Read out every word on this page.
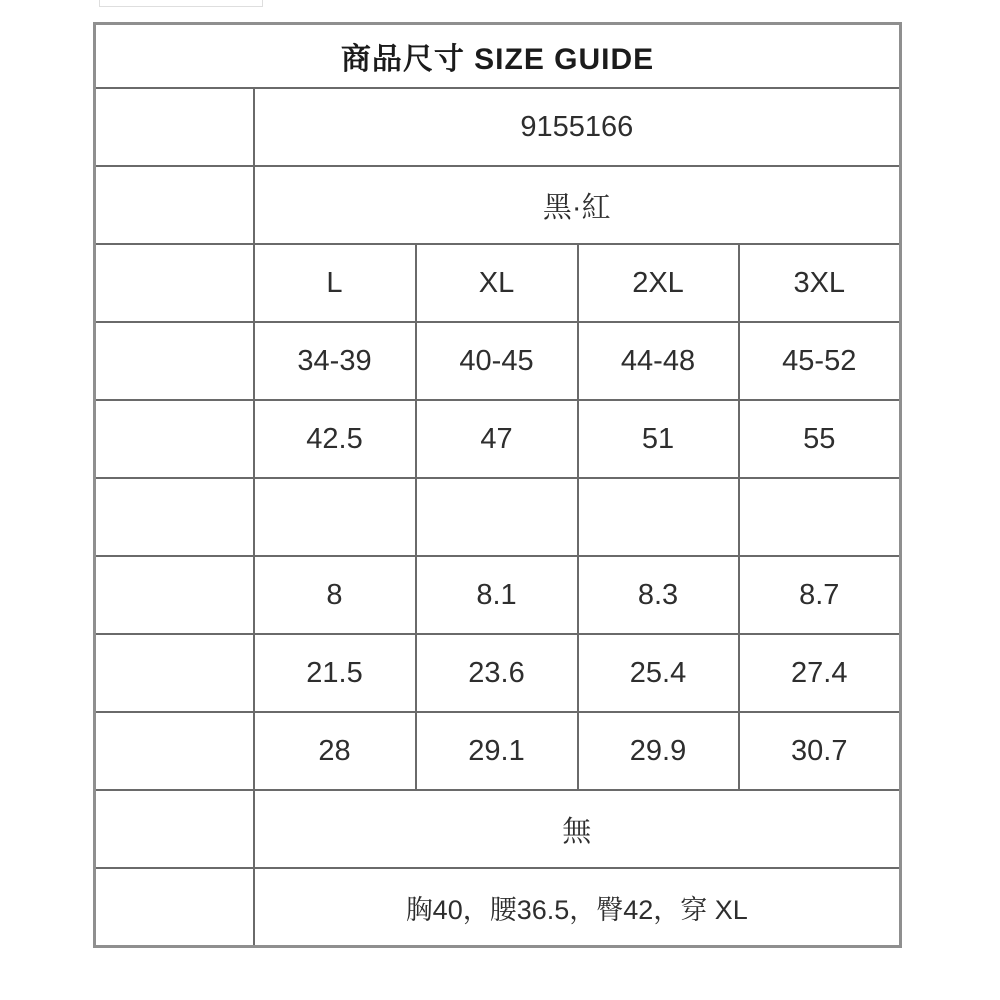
商品尺寸 SIZE GUIDE				
貨 號	9155166			
顏 色	黑·紅			
布 標	L	XL	2XL	3XL
適穿胸圍(吋)	34-39	40-45	44-48	45-52
胸 圍(平量)	42.5	47	51	55
下 襬				
袖 長	8	8.1	8.3	8.7
肩 寬	21.5	23.6	25.4	27.4
全 長	28	29.1	29.9	30.7
彈 性	無			
試穿尺寸參考	胸40，腰36.5，臀42，穿 XL			
